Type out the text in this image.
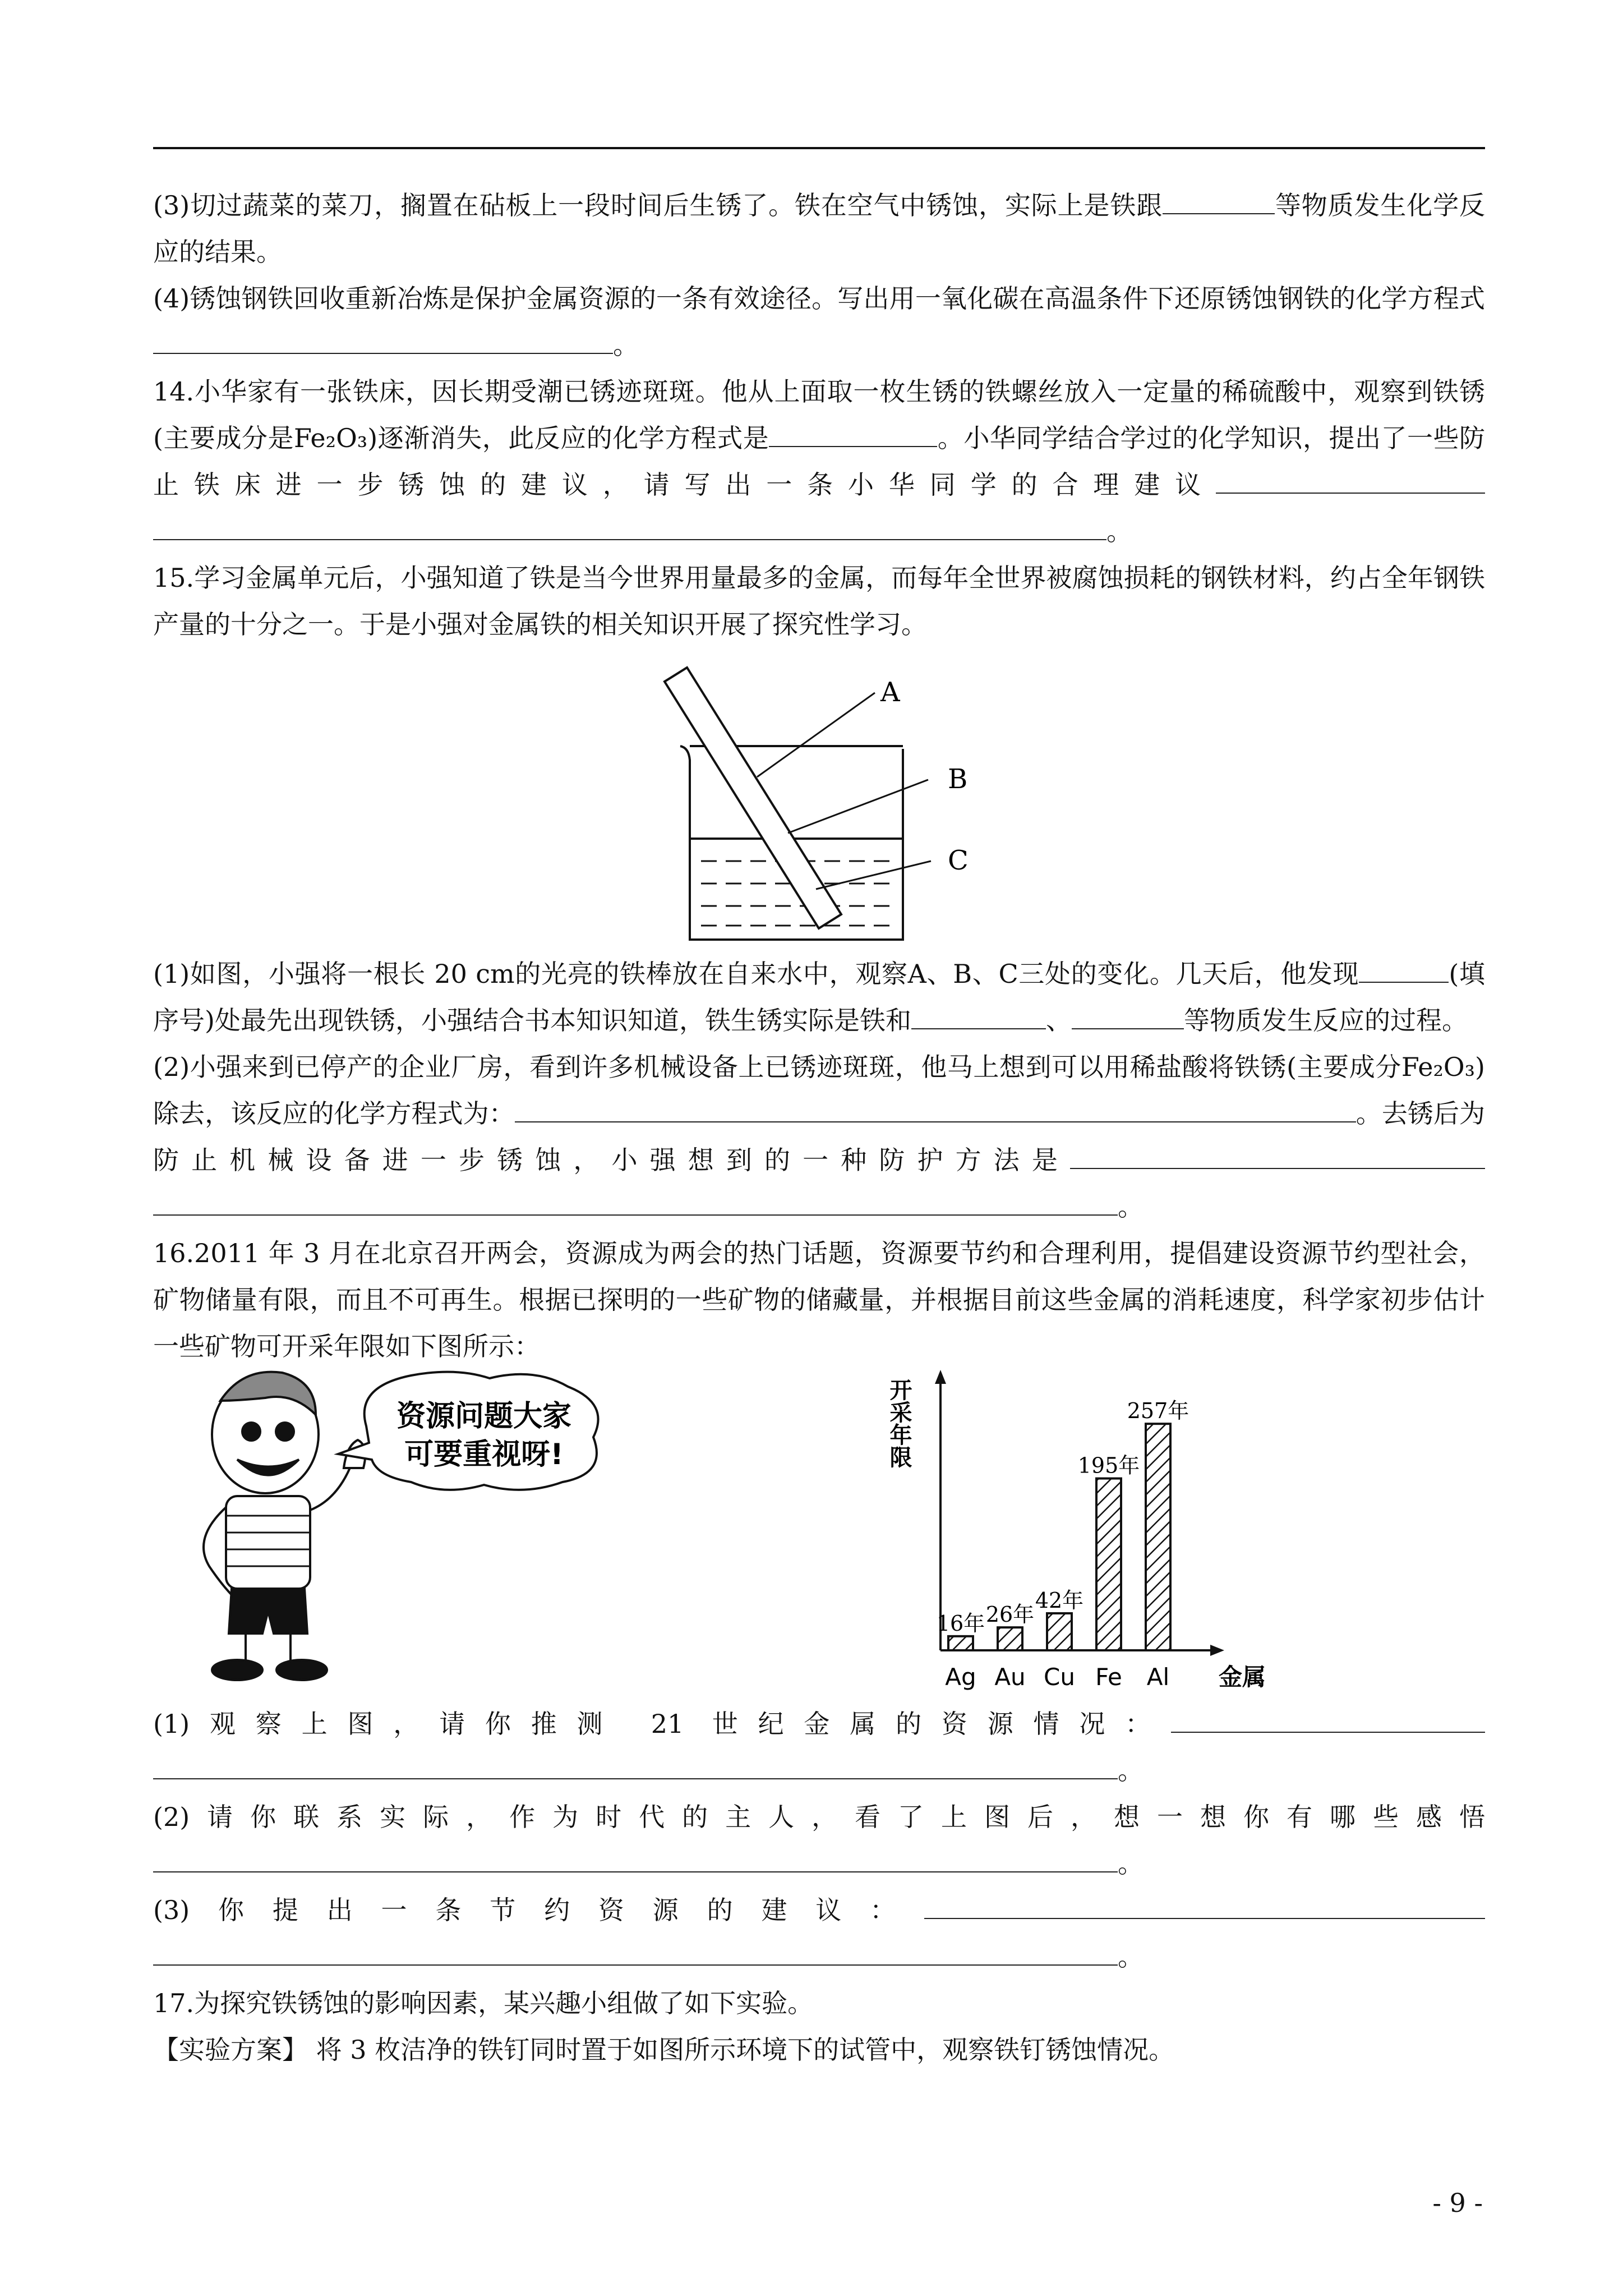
(3)切过蔬菜的菜刀，搁置在砧板上一段时间后生锈了。铁在空气中锈蚀，实际上是铁跟	等物质发生化学反应的结果。

(4)锈蚀钢铁回收重新冶炼是保护金属资源的一条有效途径。写出用一氧化碳在高温条件下还原锈蚀钢铁的化学方程式。

14.小华家有一张铁床，因长期受潮已锈迹斑斑。他从上面取一枚生锈的铁螺丝放入一定量的稀硫酸中，观察到铁锈(主要成分是Fe₂O₃)逐渐消失，此反应的化学方程式是	。小华同学结合学过的化学知识，提出了一些防止铁床进一步锈蚀的建议，请写出一条小华同学的合理建议。

15.学习金属单元后，小强知道了铁是当今世界用量最多的金属，而每年全世界被腐蚀损耗的钢铁材料，约占全年钢铁产量的十分之一。于是小强对金属铁的相关知识开展了探究性学习。

A
B
C

(1)如图，小强将一根长 20 cm的光亮的铁棒放在自来水中，观察A、B、C三处的变化。几天后，他发现	(填序号)处最先出现铁锈，小强结合书本知识知道，铁生锈实际是铁和	、	等物质发生反应的过程。

(2)小强来到已停产的企业厂房，看到许多机械设备上已锈迹斑斑，他马上想到可以用稀盐酸将铁锈(主要成分Fe₂O₃)除去，该反应的化学方程式为：	。去锈后为防止机械设备进一步锈蚀，小强想到的一种防护方法是。

16.2011 年 3 月在北京召开两会，资源成为两会的热门话题，资源要节约和合理利用，提倡建设资源节约型社会，矿物储量有限，而且不可再生。根据已探明的一些矿物的储藏量，并根据目前这些金属的消耗速度，科学家初步估计一些矿物可开采年限如下图所示：

资源问题大家
可要重视呀!	开采年限
金属
16年
Ag
26年
Au
42年
Cu
195年
Fe
257年
Al

(1)观察上图，请你推测 21 世纪金属的资源情况：。

(2)请你联系实际，作为时代的主人，看了上图后，想一想你有哪些感悟。

(3)你提出一条节约资源的建议：。

17.为探究铁锈蚀的影响因素，某兴趣小组做了如下实验。

【实验方案】 将 3 枚洁净的铁钉同时置于如图所示环境下的试管中，观察铁钉锈蚀情况。

- 9 -
